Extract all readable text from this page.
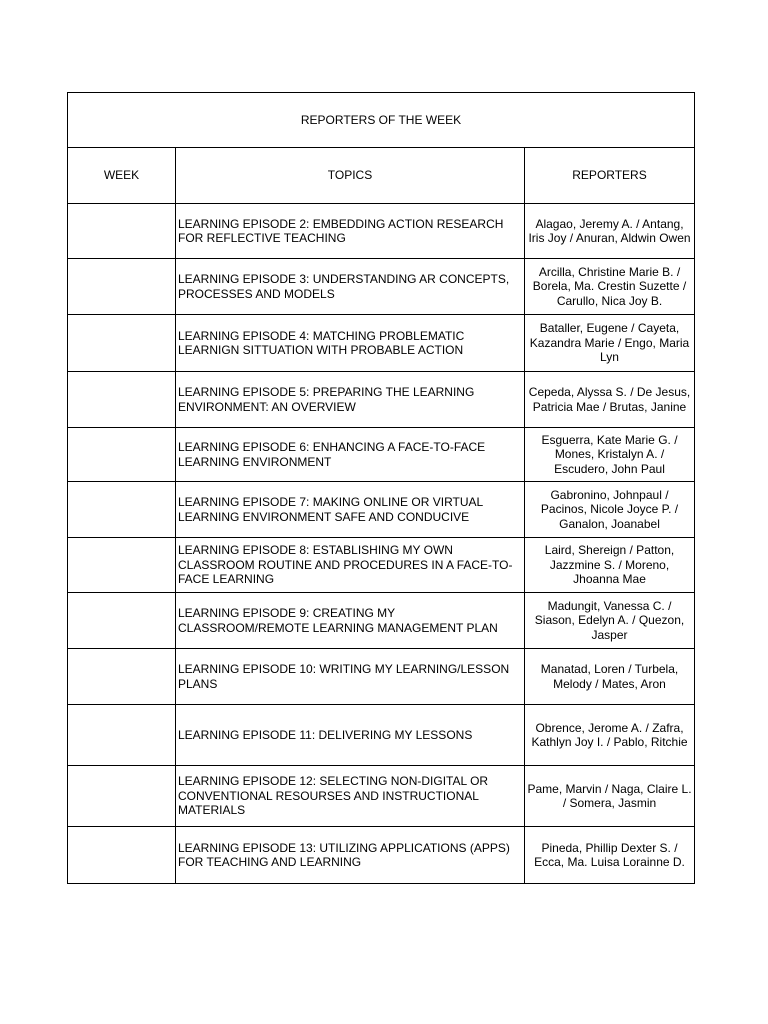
REPORTERS OF THE WEEK		
WEEK	TOPICS	REPORTERS
	LEARNING EPISODE 2: EMBEDDING ACTION RESEARCH FOR REFLECTIVE TEACHING	Alagao, Jeremy A. / Antang, Iris Joy / Anuran, Aldwin Owen
	LEARNING EPISODE 3: UNDERSTANDING AR CONCEPTS, PROCESSES AND MODELS	Arcilla, Christine Marie B. / Borela, Ma. Crestin Suzette / Carullo, Nica Joy B.
	LEARNING EPISODE 4: MATCHING PROBLEMATIC LEARNIGN SITTUATION WITH PROBABLE ACTION	Bataller, Eugene / Cayeta, Kazandra Marie / Engo, Maria Lyn
	LEARNING EPISODE 5: PREPARING THE LEARNING ENVIRONMENT: AN OVERVIEW	Cepeda, Alyssa S. / De Jesus, Patricia Mae / Brutas, Janine
	LEARNING EPISODE 6: ENHANCING A FACE-TO-FACE LEARNING ENVIRONMENT	Esguerra, Kate Marie G. / Mones, Kristalyn A. / Escudero, John Paul
	LEARNING EPISODE 7: MAKING ONLINE OR VIRTUAL LEARNING ENVIRONMENT SAFE AND CONDUCIVE	Gabronino, Johnpaul / Pacinos, Nicole Joyce P. / Ganalon, Joanabel
	LEARNING EPISODE 8: ESTABLISHING MY OWN CLASSROOM ROUTINE AND PROCEDURES IN A FACE-TO-FACE LEARNING	Laird, Shereign / Patton, Jazzmine S. / Moreno, Jhoanna Mae
	LEARNING EPISODE 9: CREATING MY CLASSROOM/REMOTE LEARNING MANAGEMENT PLAN	Madungit, Vanessa C. / Siason, Edelyn A. / Quezon, Jasper
	LEARNING EPISODE 10: WRITING MY LEARNING/LESSON PLANS	Manatad, Loren / Turbela, Melody / Mates, Aron
	LEARNING EPISODE 11: DELIVERING MY LESSONS	Obrence, Jerome A. / Zafra, Kathlyn Joy I. / Pablo, Ritchie
	LEARNING EPISODE 12: SELECTING NON-DIGITAL OR CONVENTIONAL RESOURSES AND INSTRUCTIONAL MATERIALS	Pame, Marvin / Naga, Claire L. / Somera, Jasmin
	LEARNING EPISODE 13: UTILIZING APPLICATIONS (APPS) FOR TEACHING AND LEARNING	Pineda, Phillip Dexter S. / Ecca, Ma. Luisa Lorainne D.
